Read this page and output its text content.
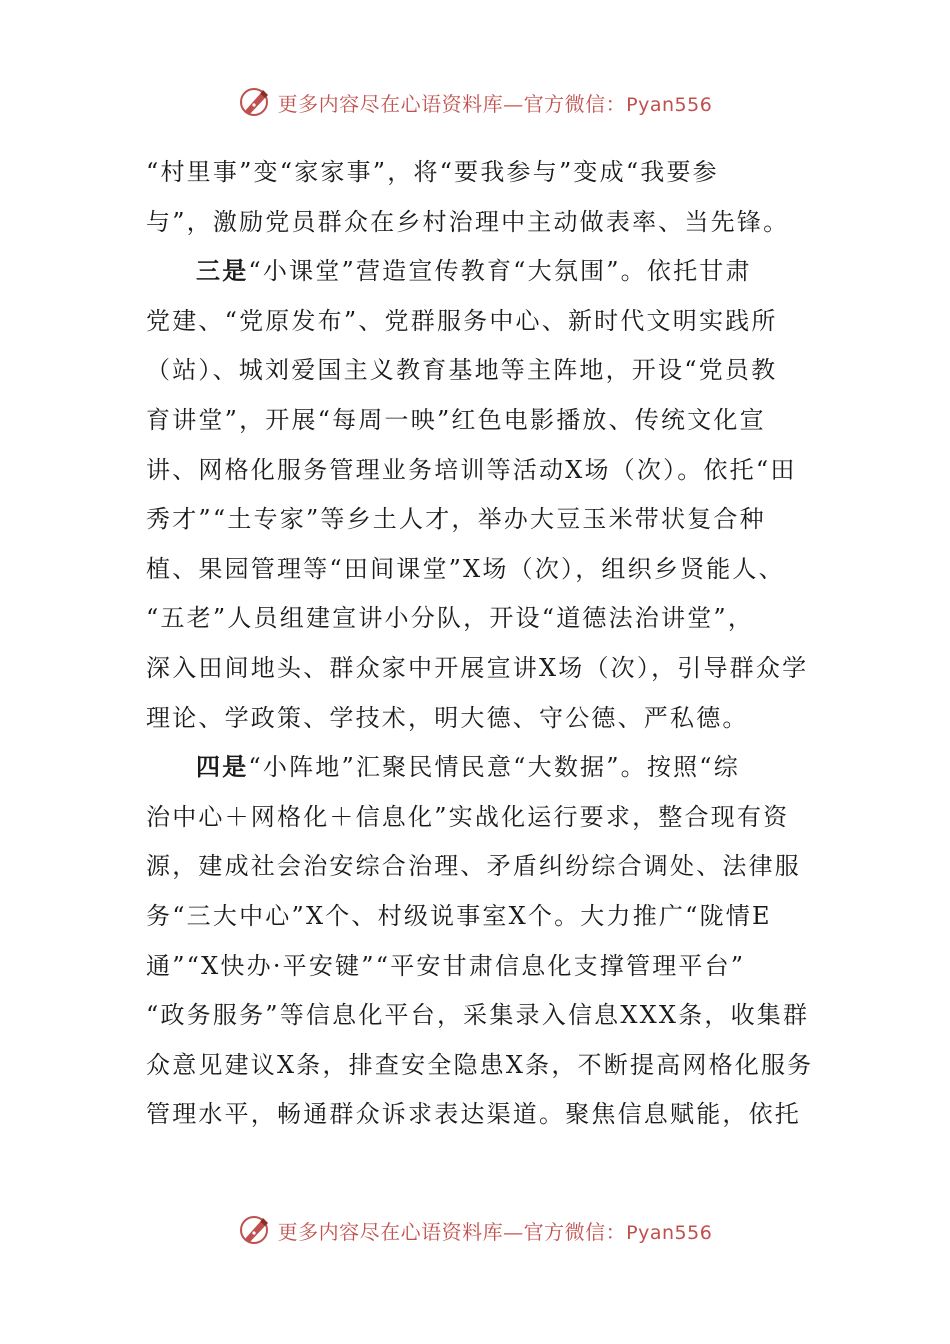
更多内容尽在心语资料库—官方微信：Pyan556
“村里事”变“家家事”，将“要我参与”变成“我要参
与”，激励党员群众在乡村治理中主动做表率、当先锋。
三是“小课堂”营造宣传教育“大氛围”。依托甘肃
党建、“党原发布”、党群服务中心、新时代文明实践所
（站）、城刘爱国主义教育基地等主阵地，开设“党员教
育讲堂”，开展“每周一映”红色电影播放、传统文化宣
讲、网格化服务管理业务培训等活动X场（次）。依托“田
秀才”“土专家”等乡土人才，举办大豆玉米带状复合种
植、果园管理等“田间课堂”X场（次），组织乡贤能人、
“五老”人员组建宣讲小分队，开设“道德法治讲堂”，
深入田间地头、群众家中开展宣讲X场（次），引导群众学
理论、学政策、学技术，明大德、守公德、严私德。
四是“小阵地”汇聚民情民意“大数据”。按照“综
治中心＋网格化＋信息化”实战化运行要求，整合现有资
源，建成社会治安综合治理、矛盾纠纷综合调处、法律服
务“三大中心”X个、村级说事室X个。大力推广“陇情E
通”“X快办·平安键”“平安甘肃信息化支撑管理平台”
“政务服务”等信息化平台，采集录入信息XXX条，收集群
众意见建议X条，排查安全隐患X条，不断提高网格化服务
管理水平，畅通群众诉求表达渠道。聚焦信息赋能，依托
更多内容尽在心语资料库—官方微信：Pyan556
